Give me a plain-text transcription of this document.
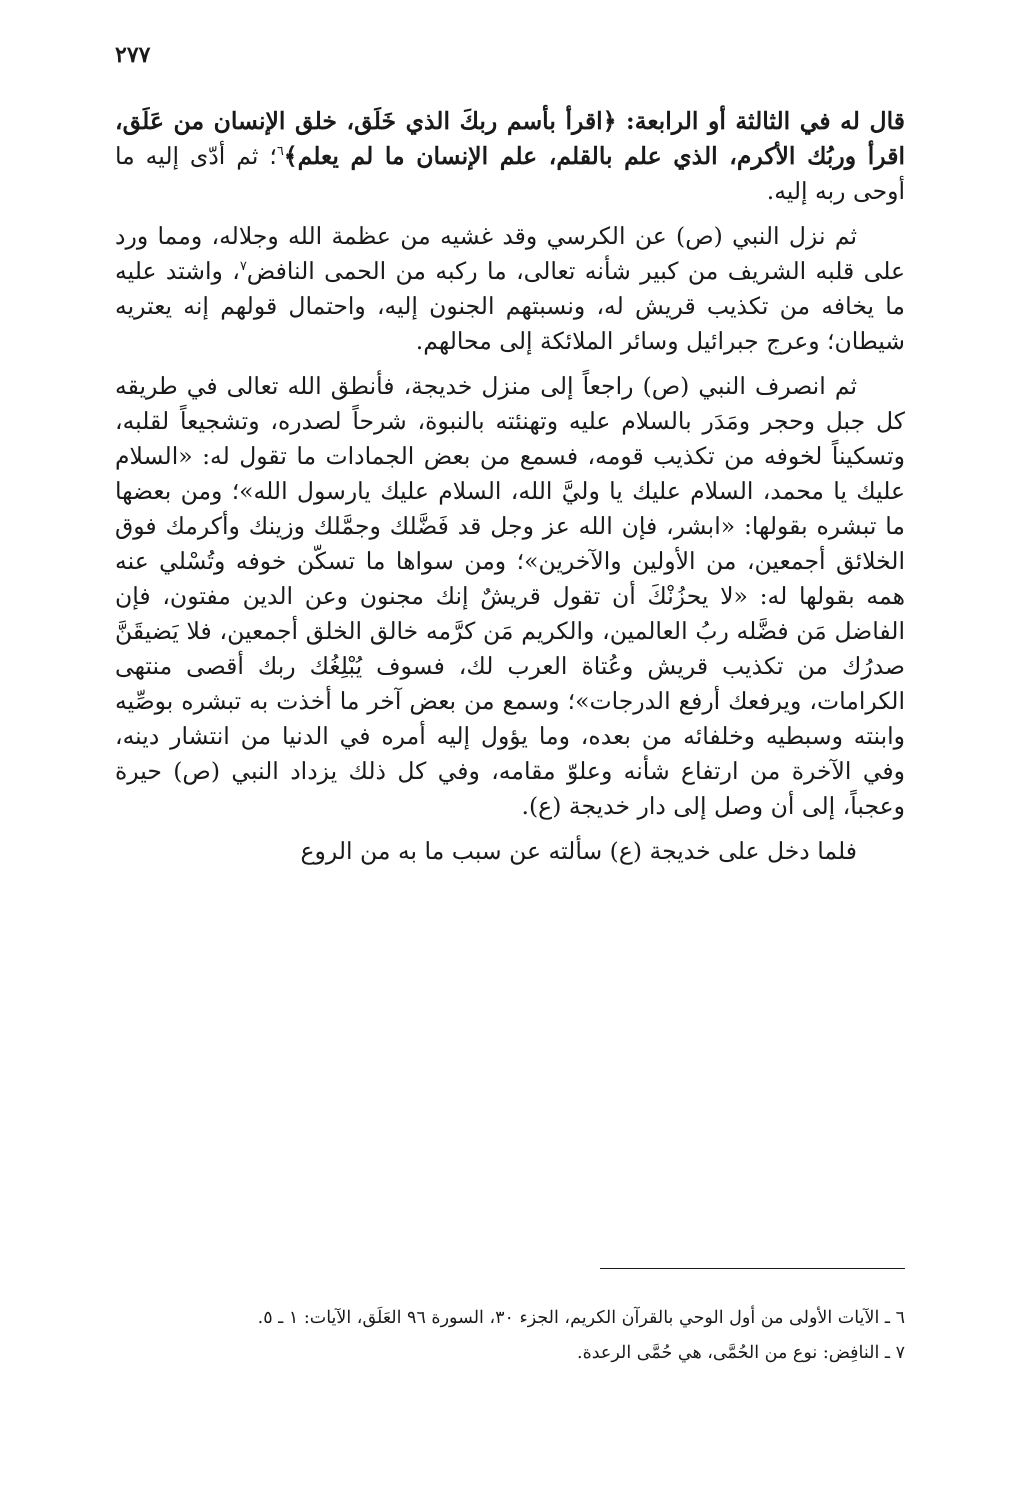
٢٧٧

قال له في الثالثة أو الرابعة: ﴿اقرأ بأسم ربكَ الذي خَلَق، خلق الإنسان من عَلَق، اقرأ وربُك الأكرم، الذي علم بالقلم، علم الإنسان ما لم يعلم﴾$^٦$؛ ثم أدّى إليه ما أوحى ربه إليه.

ثم نزل النبي (ص) عن الكرسي وقد غشيه من عظمة الله وجلاله، ومما ورد على قلبه الشريف من كبير شأنه تعالى، ما ركبه من الحمى النافض$^٧$، واشتد عليه ما يخافه من تكذيب قريش له، ونسبتهم الجنون إليه، واحتمال قولهم إنه يعتريه شيطان؛ وعرج جبرائيل وسائر الملائكة إلى محالهم.

ثم انصرف النبي (ص) راجعاً إلى منزل خديجة، فأنطق الله تعالى في طريقه كل جبل وحجر ومَدَر بالسلام عليه وتهنئته بالنبوة، شرحاً لصدره، وتشجيعاً لقلبه، وتسكيناً لخوفه من تكذيب قومه، فسمع من بعض الجمادات ما تقول له: «السلام عليك يا محمد، السلام عليك يا وليَّ الله، السلام عليك يارسول الله»؛ ومن بعضها ما تبشره بقولها: «ابشر، فإن الله عز وجل قد فَضَّلك وجمَّلك وزينك وأكرمك فوق الخلائق أجمعين، من الأولين والآخرين»؛ ومن سواها ما تسكّن خوفه وتُسْلي عنه همه بقولها له: «لا يحزُنْكَ أن تقول قريشٌ إنك مجنون وعن الدين مفتون، فإن الفاضل مَن فضَّله ربُ العالمين، والكريم مَن كرَّمه خالق الخلق أجمعين، فلا يَضيقَنَّ صدرُك من تكذيب قريش وعُتاة العرب لك، فسوف يُبْلِغُك ربك أقصى منتهى الكرامات، ويرفعك أرفع الدرجات»؛ وسمع من بعض آخر ما أخذت به تبشره بوصِّيه وابنته وسبطيه وخلفائه من بعده، وما يؤول إليه أمره في الدنيا من انتشار دينه، وفي الآخرة من ارتفاع شأنه وعلوّ مقامه، وفي كل ذلك يزداد النبي (ص) حيرة وعجباً، إلى أن وصل إلى دار خديجة (ع).

فلما دخل على خديجة (ع) سألته عن سبب ما به من الروع

٦ ـ الآيات الأولى من أول الوحي بالقرآن الكريم، الجزء ٣٠، السورة ٩٦ العَلَق، الآيات: ١ ـ ٥.

٧ ـ النافِض: نوع من الحُمَّى، هي حُمَّى الرعدة.
